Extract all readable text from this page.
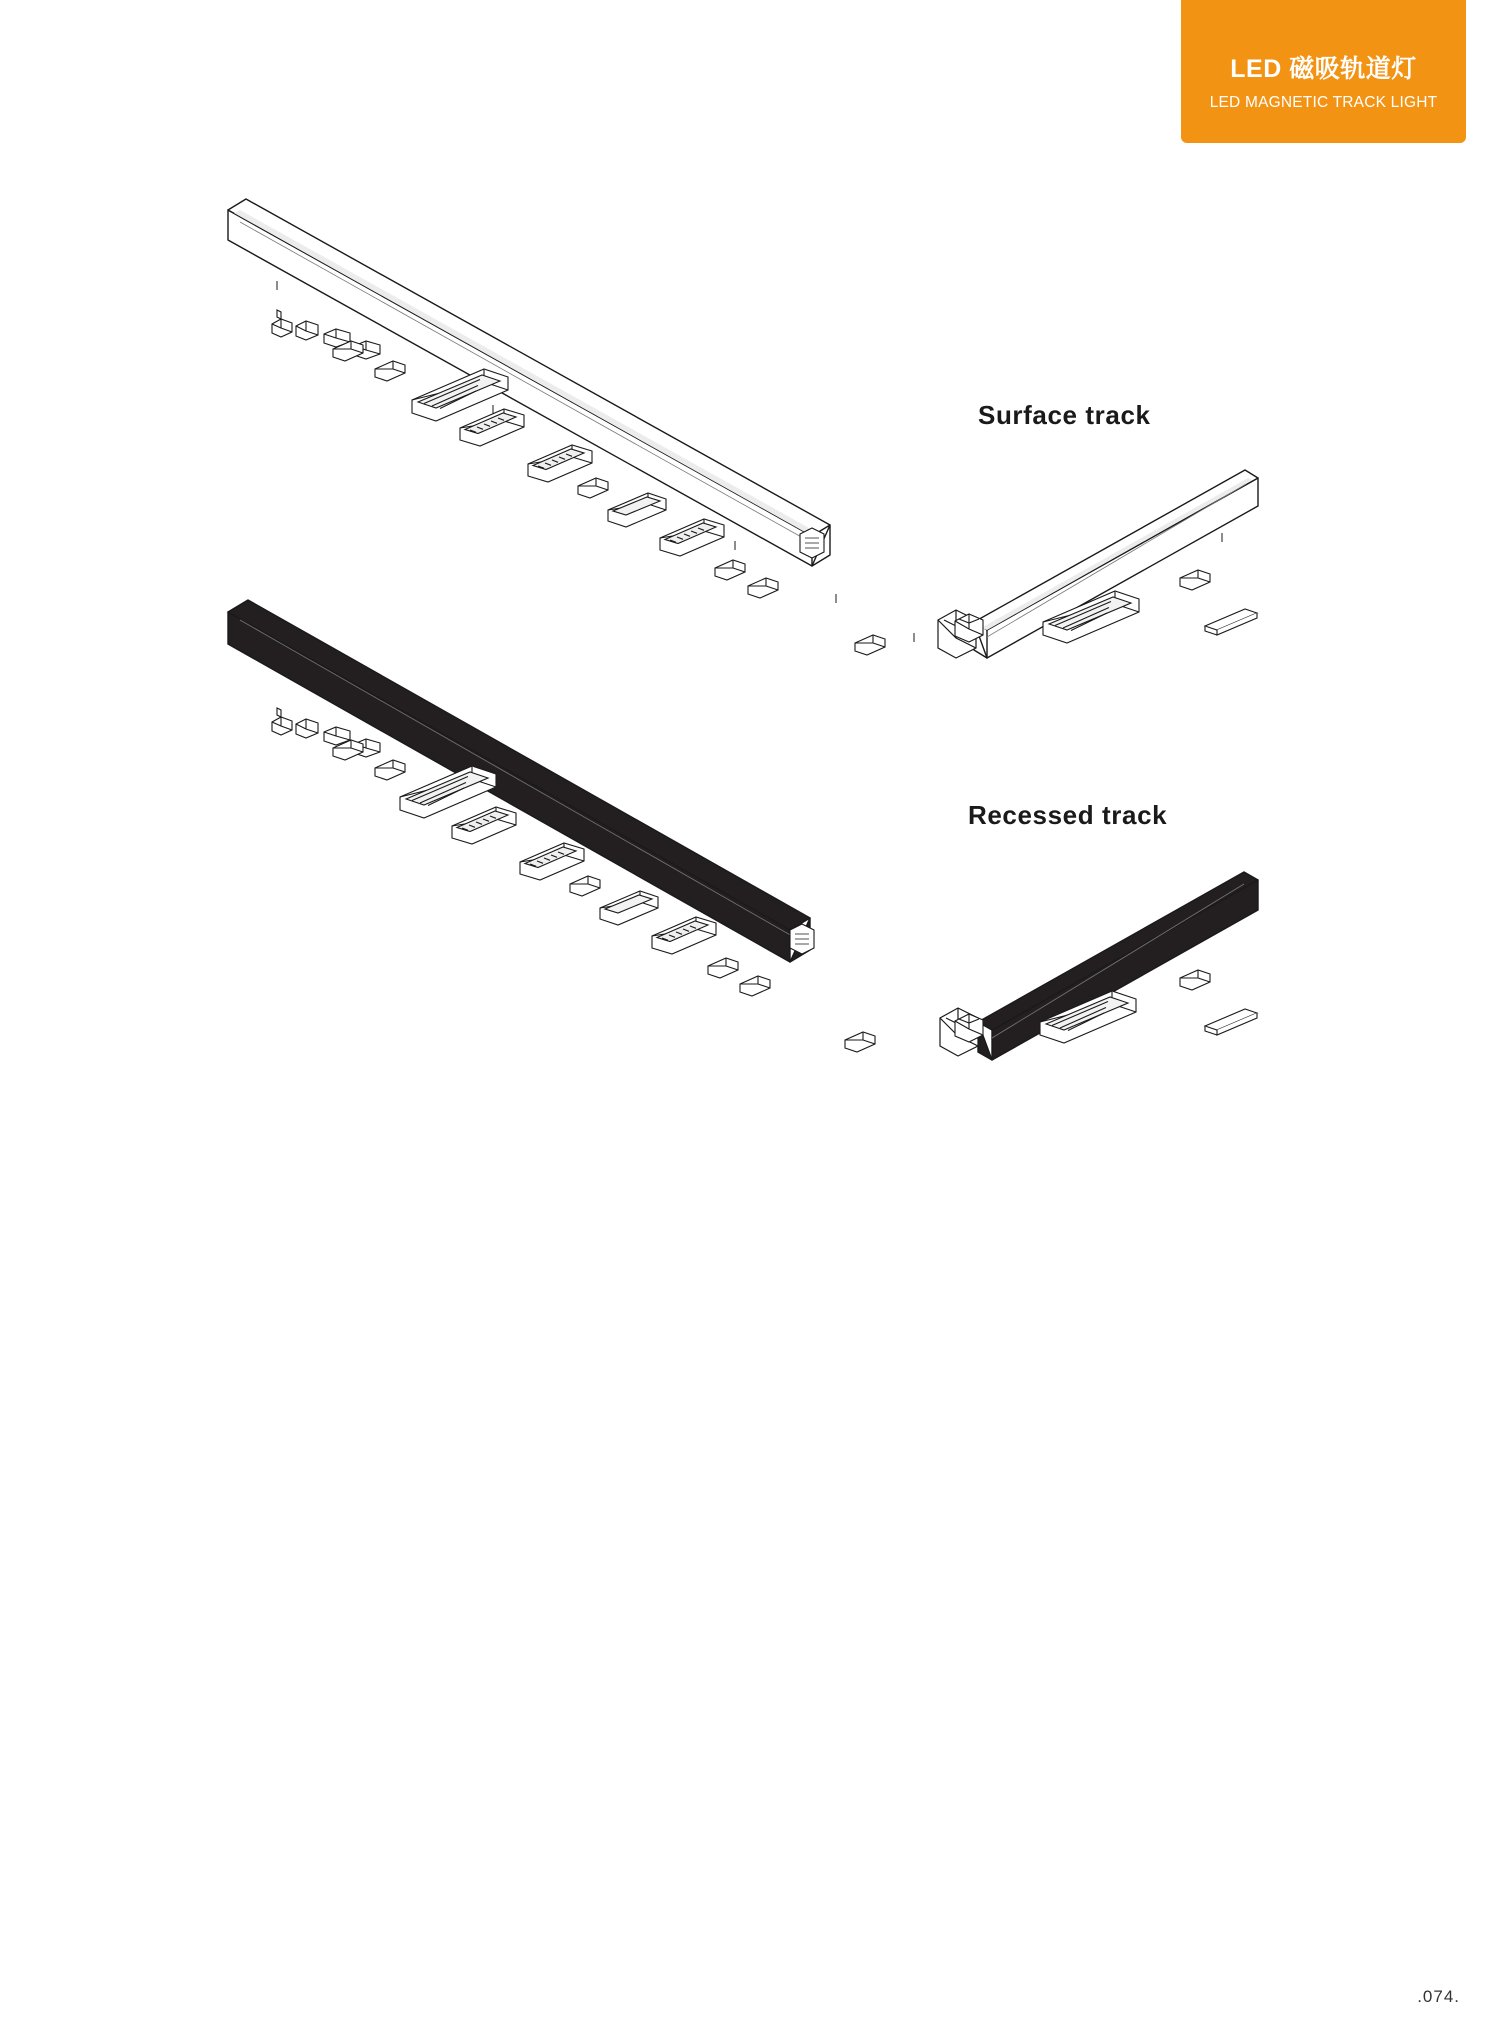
LED 磁吸轨道灯
LED MAGNETIC TRACK LIGHT
Surface track
Recessed track
.074.
